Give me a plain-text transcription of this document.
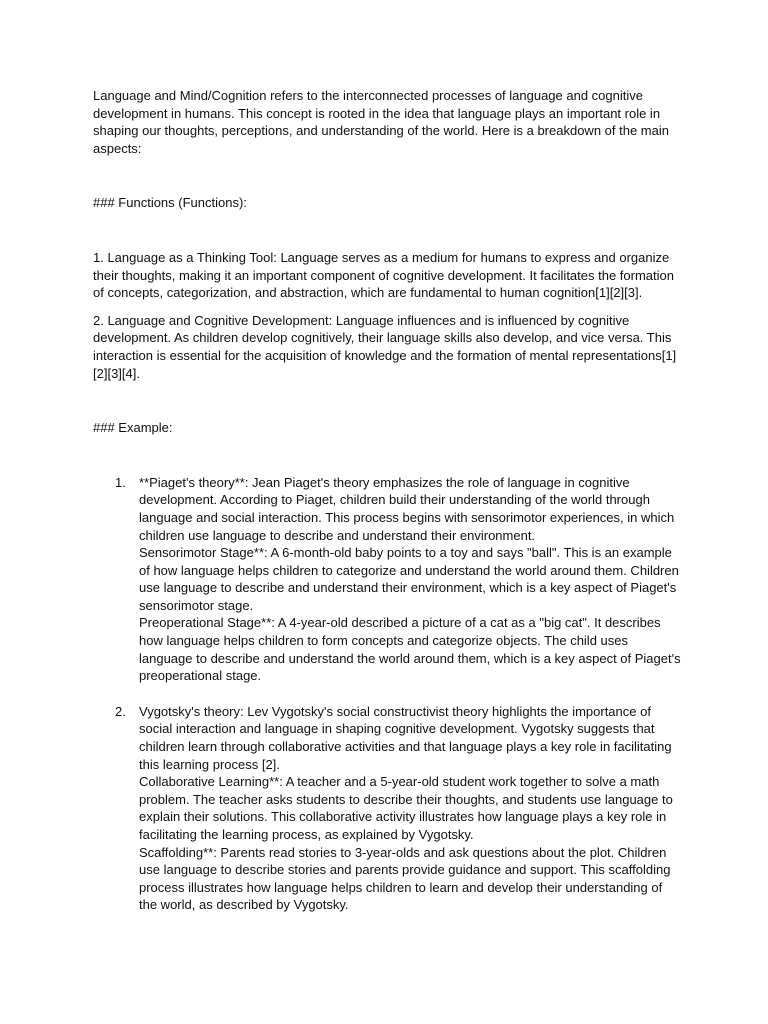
Language and Mind/Cognition refers to the interconnected processes of language and cognitive development in humans. This concept is rooted in the idea that language plays an important role in shaping our thoughts, perceptions, and understanding of the world. Here is a breakdown of the main aspects:

### Functions (Functions):

1. Language as a Thinking Tool: Language serves as a medium for humans to express and organize their thoughts, making it an important component of cognitive development. It facilitates the formation of concepts, categorization, and abstraction, which are fundamental to human cognition[1][2][3].

2. Language and Cognitive Development: Language influences and is influenced by cognitive development. As children develop cognitively, their language skills also develop, and vice versa. This interaction is essential for the acquisition of knowledge and the formation of mental representations[1][2][3][4].

### Example:

1. **Piaget's theory**: Jean Piaget's theory emphasizes the role of language in cognitive development. According to Piaget, children build their understanding of the world through language and social interaction. This process begins with sensorimotor experiences, in which children use language to describe and understand their environment.
Sensorimotor Stage**: A 6-month-old baby points to a toy and says "ball". This is an example of how language helps children to categorize and understand the world around them. Children use language to describe and understand their environment, which is a key aspect of Piaget's sensorimotor stage.
Preoperational Stage**: A 4-year-old described a picture of a cat as a "big cat". It describes how language helps children to form concepts and categorize objects. The child uses language to describe and understand the world around them, which is a key aspect of Piaget's preoperational stage.
2. Vygotsky's theory: Lev Vygotsky's social constructivist theory highlights the importance of social interaction and language in shaping cognitive development. Vygotsky suggests that children learn through collaborative activities and that language plays a key role in facilitating this learning process [2].
Collaborative Learning**: A teacher and a 5-year-old student work together to solve a math problem. The teacher asks students to describe their thoughts, and students use language to explain their solutions. This collaborative activity illustrates how language plays a key role in facilitating the learning process, as explained by Vygotsky.
Scaffolding**: Parents read stories to 3-year-olds and ask questions about the plot. Children use language to describe stories and parents provide guidance and support. This scaffolding process illustrates how language helps children to learn and develop their understanding of the world, as described by Vygotsky.
